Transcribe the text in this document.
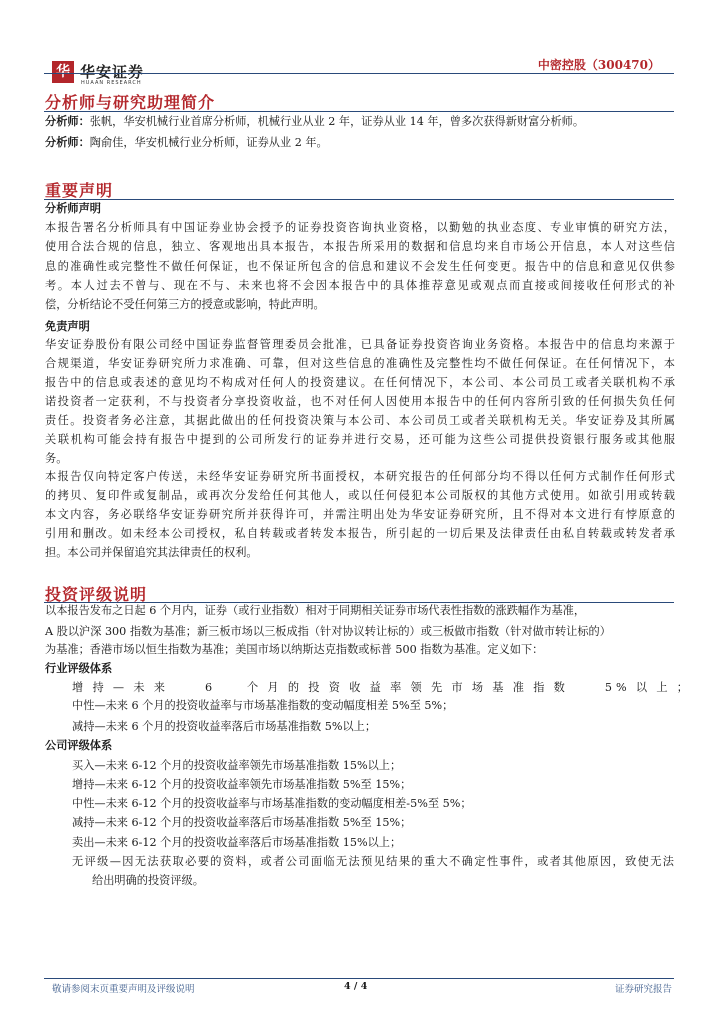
华 华安证券
HUAAN RESEARCH
中密控股（300470）
分析师与研究助理简介
分析师：张帆，华安机械行业首席分析师，机械行业从业 2 年，证券从业 14 年，曾多次获得新财富分析师。
分析师：陶俞佳，华安机械行业分析师，证券从业 2 年。
重要声明
分析师声明
本报告署名分析师具有中国证券业协会授予的证券投资咨询执业资格，以勤勉的执业态度、专业审慎的研究方法，
使用合法合规的信息，独立、客观地出具本报告，本报告所采用的数据和信息均来自市场公开信息，本人对这些信
息的准确性或完整性不做任何保证，也不保证所包含的信息和建议不会发生任何变更。报告中的信息和意见仅供参
考。本人过去不曾与、现在不与、未来也将不会因本报告中的具体推荐意见或观点而直接或间接收任何形式的补
偿，分析结论不受任何第三方的授意或影响，特此声明。
免责声明
华安证券股份有限公司经中国证券监督管理委员会批准，已具备证券投资咨询业务资格。本报告中的信息均来源于
合规渠道，华安证券研究所力求准确、可靠，但对这些信息的准确性及完整性均不做任何保证。在任何情况下，本
报告中的信息或表述的意见均不构成对任何人的投资建议。在任何情况下，本公司、本公司员工或者关联机构不承
诺投资者一定获利，不与投资者分享投资收益，也不对任何人因使用本报告中的任何内容所引致的任何损失负任何
责任。投资者务必注意，其据此做出的任何投资决策与本公司、本公司员工或者关联机构无关。华安证券及其所属
关联机构可能会持有报告中提到的公司所发行的证券并进行交易，还可能为这些公司提供投资银行服务或其他服
务。
本报告仅向特定客户传送，未经华安证券研究所书面授权，本研究报告的任何部分均不得以任何方式制作任何形式
的拷贝、复印件或复制品，或再次分发给任何其他人，或以任何侵犯本公司版权的其他方式使用。如欲引用或转载
本文内容，务必联络华安证券研究所并获得许可，并需注明出处为华安证券研究所，且不得对本文进行有悖原意的
引用和删改。如未经本公司授权，私自转载或者转发本报告，所引起的一切后果及法律责任由私自转载或转发者承
担。本公司并保留追究其法律责任的权利。
投资评级说明
以本报告发布之日起 6 个月内，证券（或行业指数）相对于同期相关证券市场代表性指数的涨跌幅作为基准，
A 股以沪深 300 指数为基准；新三板市场以三板成指（针对协议转让标的）或三板做市指数（针对做市转让标的）
为基准；香港市场以恒生指数为基准；美国市场以纳斯达克指数或标普 500 指数为基准。定义如下：
行业评级体系
增持—未来 6 个月的投资收益率领先市场基准指数 5%以上；
中性—未来 6 个月的投资收益率与市场基准指数的变动幅度相差 5%至 5%；
减持—未来 6 个月的投资收益率落后市场基准指数 5%以上；
公司评级体系
买入—未来 6-12 个月的投资收益率领先市场基准指数 15%以上；
增持—未来 6-12 个月的投资收益率领先市场基准指数 5%至 15%；
中性—未来 6-12 个月的投资收益率与市场基准指数的变动幅度相差-5%至 5%；
减持—未来 6-12 个月的投资收益率落后市场基准指数 5%至 15%；
卖出—未来 6-12 个月的投资收益率落后市场基准指数 15%以上；
无评级—因无法获取必要的资料，或者公司面临无法预见结果的重大不确定性事件，或者其他原因，致使无法
给出明确的投资评级。
敬请参阅末页重要声明及评级说明	4 / 4	证券研究报告
